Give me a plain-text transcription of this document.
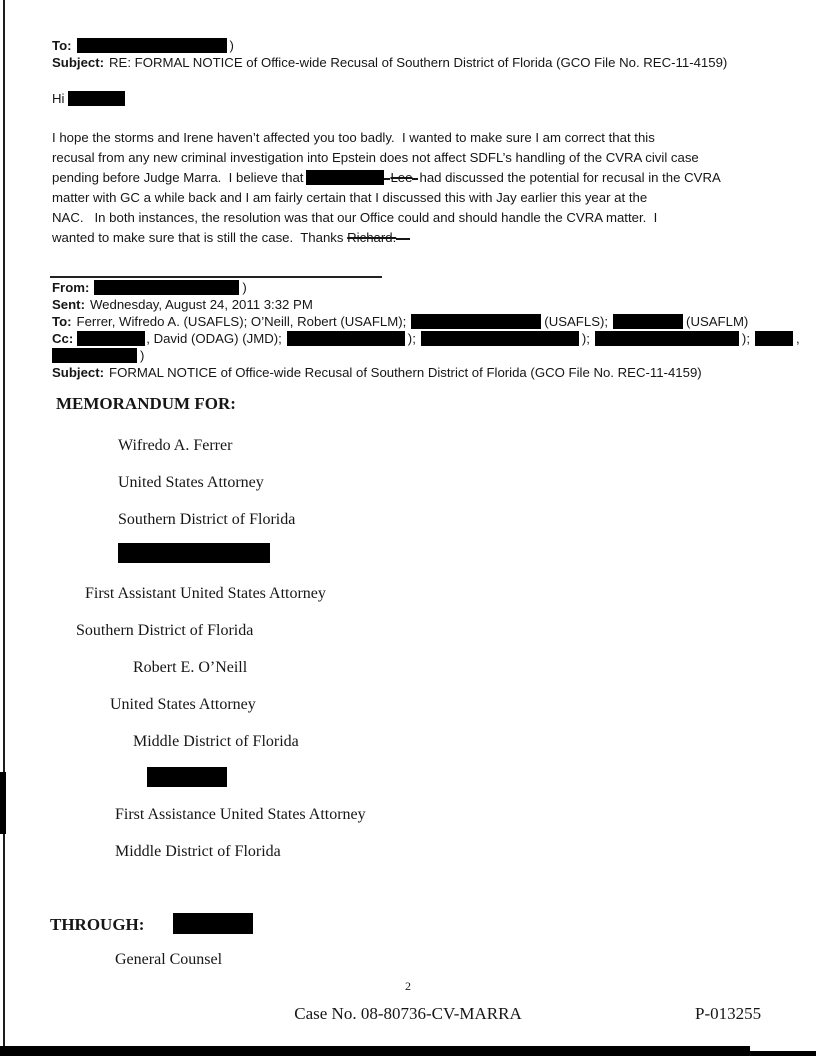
To:	)
Subject: RE: FORMAL NOTICE of Office-wide Recusal of Southern District of Florida (GCO File No. REC-11-4159)
Hi
I hope the storms and Irene haven’t affected you too badly.  I wanted to make sure I am correct that this
recusal from any new criminal investigation into Epstein does not affect SDFL’s handling of the CVRA civil case
pending before Judge Marra.  I believe that	Lee had discussed the potential for recusal in the CVRA
matter with GC a while back and I am fairly certain that I discussed this with Jay earlier this year at the
NAC.   In both instances, the resolution was that our Office could and should handle the CVRA matter.  I
wanted to make sure that is still the case.  Thanks Richard.
From:	)
Sent: Wednesday, August 24, 2011 3:32 PM
To: Ferrer, Wifredo A. (USAFLS); O’Neill, Robert (USAFLM);	(USAFLS);	(USAFLM)
Cc:	, David (ODAG) (JMD);	);	);	);	,
)
Subject: FORMAL NOTICE of Office-wide Recusal of Southern District of Florida (GCO File No. REC-11-4159)
MEMORANDUM FOR:
Wifredo A. Ferrer
United States Attorney
Southern District of Florida
First Assistant United States Attorney
Southern District of Florida
Robert E. O’Neill
United States Attorney
Middle District of Florida
First Assistance United States Attorney
Middle District of Florida
THROUGH:
General Counsel
2
Case No. 08-80736-CV-MARRA	P-013255
